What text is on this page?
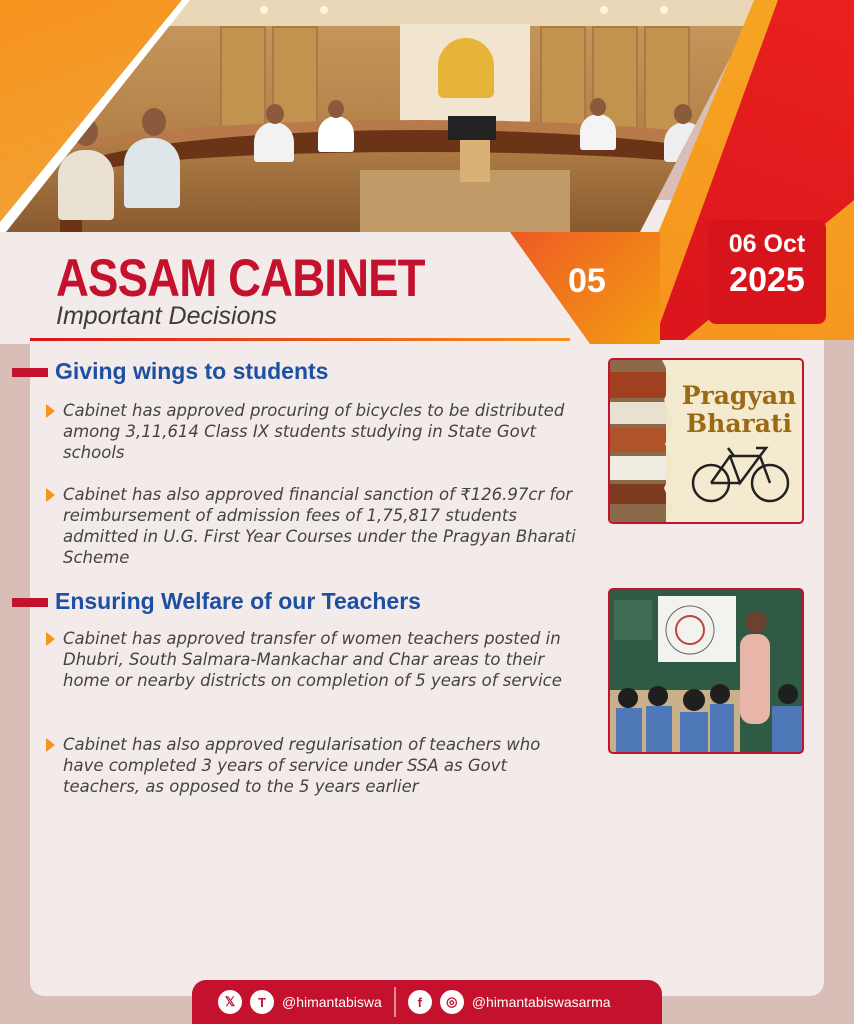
05
06 Oct
2025
ASSAM CABINET
Important Decisions
Giving wings to students

Cabinet has approved procuring of bicycles to be distributed among 3,11,614 Class IX students studying in State Govt schools

Cabinet has also approved financial sanction of ₹126.97cr for reimbursement of admission fees of 1,75,817 students admitted in U.G. First Year Courses under the Pragyan Bharati Scheme

Pragyan
Bharati
Ensuring Welfare of our Teachers

Cabinet has approved transfer of women teachers posted in Dhubri, South Salmara-Mankachar and Char areas to their home or nearby districts on completion of 5 years of service

Cabinet has also approved regularisation of teachers who have completed 3 years of service under SSA as Govt teachers, as opposed to the 5 years earlier

𝕏	T	@himantabiswa	f	◎	@himantabiswasarma
